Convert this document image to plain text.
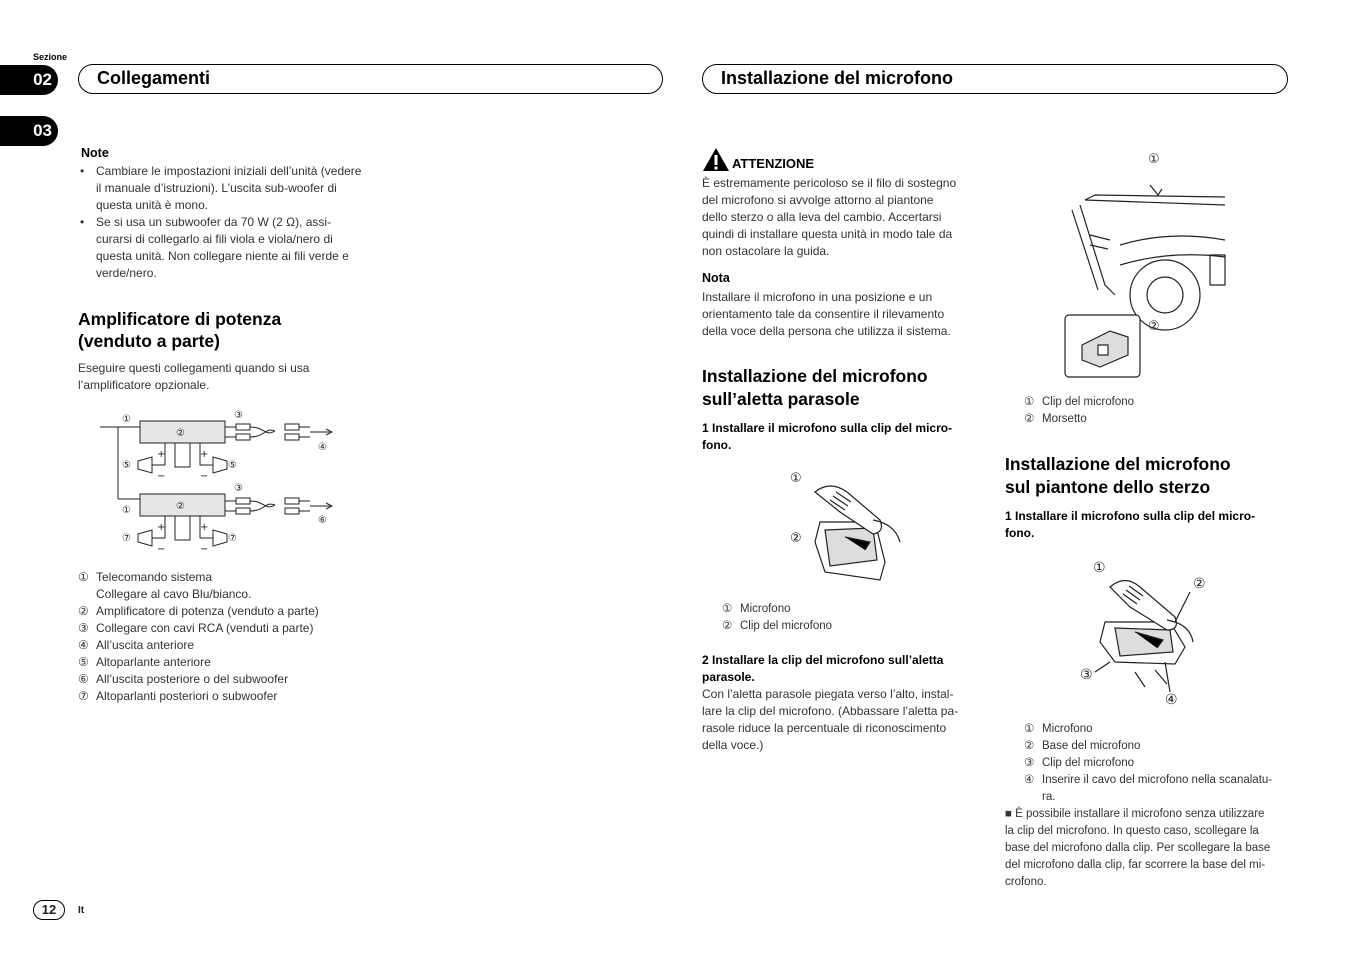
Sezione
02
03
Collegamenti	Installazione del microfono
Note
• Cambiare le impostazioni iniziali dell’unità (vedere il manuale d’istruzioni). L’uscita sub-woofer di questa unità è mono.
• Se si usa un subwoofer da 70 W (2 Ω), assi-curarsi di collegarlo ai fili viola e viola/nero di questa unità. Non collegare niente ai fili verde e verde/nero.
Amplificatore di potenza
(venduto a parte)
Eseguire questi collegamenti quando si usa
l’amplificatore opzionale.
①
②
③
④
⑤	⑤
+	+
−	−
③
①	②
⑥
⑦	⑦
+	+
−	−
① Telecomando sistema
Collegare al cavo Blu/bianco.
② Amplificatore di potenza (venduto a parte)
③ Collegare con cavi RCA (venduti a parte)
④ All’uscita anteriore
⑤ Altoparlante anteriore
⑥ All’uscita posteriore o del subwoofer
⑦ Altoparlanti posteriori o subwoofer
ATTENZIONE
È estremamente pericoloso se il filo di sostegno
del microfono si avvolge attorno al piantone
dello sterzo o alla leva del cambio. Accertarsi
quindi di installare questa unità in modo tale da
non ostacolare la guida.
Nota
Installare il microfono in una posizione e un
orientamento tale da consentire il rilevamento
della voce della persona che utilizza il sistema.
Installazione del microfono
sull’aletta parasole
1 Installare il microfono sulla clip del micro-
fono.
①
②
① Microfono
② Clip del microfono
2 Installare la clip del microfono sull’aletta
parasole.
Con l’aletta parasole piegata verso l’alto, instal-
lare la clip del microfono. (Abbassare l’aletta pa-
rasole riduce la percentuale di riconoscimento
della voce.)
①
②
① Clip del microfono
② Morsetto
Installazione del microfono
sul piantone dello sterzo
1 Installare il microfono sulla clip del micro-
fono.
①
②
③
④
① Microfono
② Base del microfono
③ Clip del microfono
④ Inserire il cavo del microfono nella scanalatu-
ra.
■ È possibile installare il microfono senza utilizzare
la clip del microfono. In questo caso, scollegare la
base del microfono dalla clip. Per scollegare la base
del microfono dalla clip, far scorrere la base del mi-
crofono.
12	It
